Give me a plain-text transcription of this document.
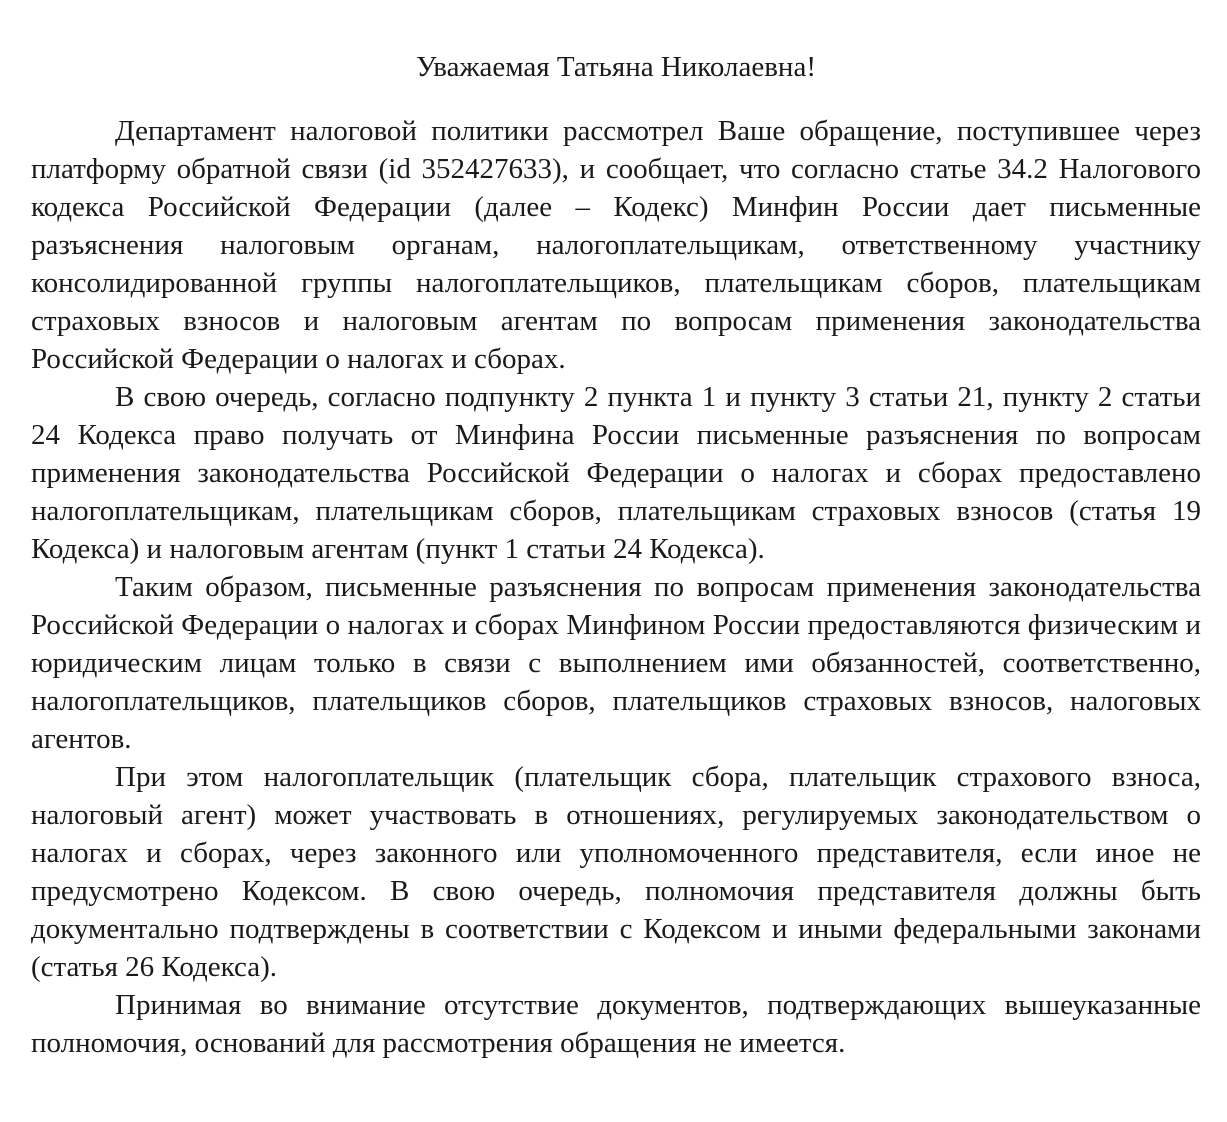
Уважаемая Татьяна Николаевна!

Департамент налоговой политики рассмотрел Ваше обращение, поступившее через платформу обратной связи (id 352427633), и сообщает, что согласно статье 34.2 Налогового кодекса Российской Федерации (далее – Кодекс) Минфин России дает письменные разъяснения налоговым органам, налогоплательщикам, ответственному участнику консолидированной группы налогоплательщиков, плательщикам сборов, плательщикам страховых взносов и налоговым агентам по вопросам применения законодательства Российской Федерации о налогах и сборах.

В свою очередь, согласно подпункту 2 пункта 1 и пункту 3 статьи 21, пункту 2 статьи 24 Кодекса право получать от Минфина России письменные разъяснения по вопросам применения законодательства Российской Федерации о налогах и сборах предоставлено налогоплательщикам, плательщикам сборов, плательщикам страховых взносов (статья 19 Кодекса) и налоговым агентам (пункт 1 статьи 24 Кодекса).

Таким образом, письменные разъяснения по вопросам применения законодательства Российской Федерации о налогах и сборах Минфином России предоставляются физическим и юридическим лицам только в связи с выполнением ими обязанностей, соответственно, налогоплательщиков, плательщиков сборов, плательщиков страховых взносов, налоговых агентов.

При этом налогоплательщик (плательщик сбора, плательщик страхового взноса, налоговый агент) может участвовать в отношениях, регулируемых законодательством о налогах и сборах, через законного или уполномоченного представителя, если иное не предусмотрено Кодексом. В свою очередь, полномочия представителя должны быть документально подтверждены в соответствии с Кодексом и иными федеральными законами (статья 26 Кодекса).

Принимая во внимание отсутствие документов, подтверждающих вышеуказанные полномочия, оснований для рассмотрения обращения не имеется.
